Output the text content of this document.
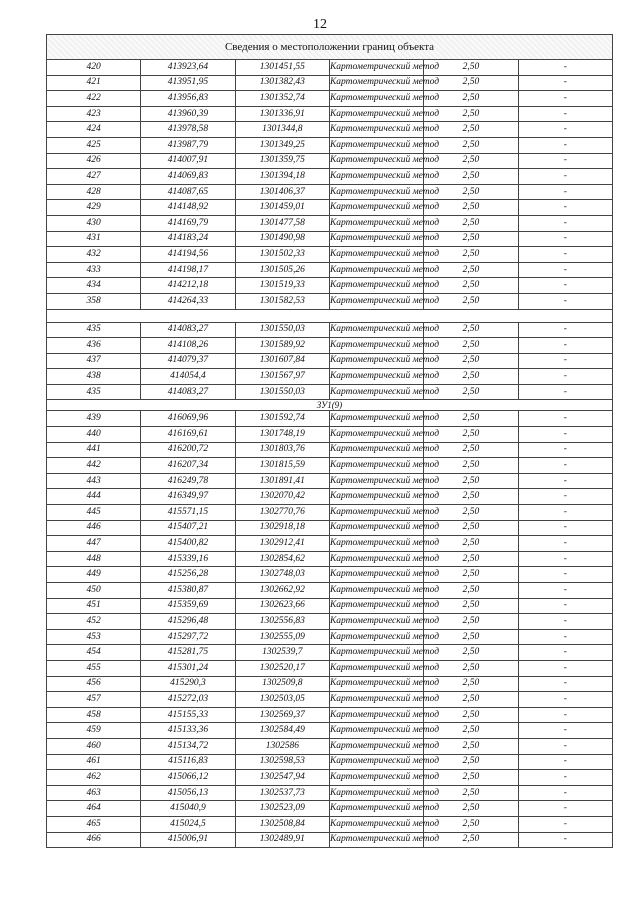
12
Сведения о местоположении границ объекта					
420	413923,64	1301451,55	Картометрический метод	2,50	-
421	413951,95	1301382,43	Картометрический метод	2,50	-
422	413956,83	1301352,74	Картометрический метод	2,50	-
423	413960,39	1301336,91	Картометрический метод	2,50	-
424	413978,58	1301344,8	Картометрический метод	2,50	-
425	413987,79	1301349,25	Картометрический метод	2,50	-
426	414007,91	1301359,75	Картометрический метод	2,50	-
427	414069,83	1301394,18	Картометрический метод	2,50	-
428	414087,65	1301406,37	Картометрический метод	2,50	-
429	414148,92	1301459,01	Картометрический метод	2,50	-
430	414169,79	1301477,58	Картометрический метод	2,50	-
431	414183,24	1301490,98	Картометрический метод	2,50	-
432	414194,56	1301502,33	Картометрический метод	2,50	-
433	414198,17	1301505,26	Картометрический метод	2,50	-
434	414212,18	1301519,33	Картометрический метод	2,50	-
358	414264,33	1301582,53	Картометрический метод	2,50	-

435	414083,27	1301550,03	Картометрический метод	2,50	-
436	414108,26	1301589,92	Картометрический метод	2,50	-
437	414079,37	1301607,84	Картометрический метод	2,50	-
438	414054,4	1301567,97	Картометрический метод	2,50	-
435	414083,27	1301550,03	Картометрический метод	2,50	-
ЗУ1(9)					
439	416069,96	1301592,74	Картометрический метод	2,50	-
440	416169,61	1301748,19	Картометрический метод	2,50	-
441	416200,72	1301803,76	Картометрический метод	2,50	-
442	416207,34	1301815,59	Картометрический метод	2,50	-
443	416249,78	1301891,41	Картометрический метод	2,50	-
444	416349,97	1302070,42	Картометрический метод	2,50	-
445	415571,15	1302770,76	Картометрический метод	2,50	-
446	415407,21	1302918,18	Картометрический метод	2,50	-
447	415400,82	1302912,41	Картометрический метод	2,50	-
448	415339,16	1302854,62	Картометрический метод	2,50	-
449	415256,28	1302748,03	Картометрический метод	2,50	-
450	415380,87	1302662,92	Картометрический метод	2,50	-
451	415359,69	1302623,66	Картометрический метод	2,50	-
452	415296,48	1302556,83	Картометрический метод	2,50	-
453	415297,72	1302555,09	Картометрический метод	2,50	-
454	415281,75	1302539,7	Картометрический метод	2,50	-
455	415301,24	1302520,17	Картометрический метод	2,50	-
456	415290,3	1302509,8	Картометрический метод	2,50	-
457	415272,03	1302503,05	Картометрический метод	2,50	-
458	415155,33	1302569,37	Картометрический метод	2,50	-
459	415133,36	1302584,49	Картометрический метод	2,50	-
460	415134,72	1302586	Картометрический метод	2,50	-
461	415116,83	1302598,53	Картометрический метод	2,50	-
462	415066,12	1302547,94	Картометрический метод	2,50	-
463	415056,13	1302537,73	Картометрический метод	2,50	-
464	415040,9	1302523,09	Картометрический метод	2,50	-
465	415024,5	1302508,84	Картометрический метод	2,50	-
466	415006,91	1302489,91	Картометрический метод	2,50	-
